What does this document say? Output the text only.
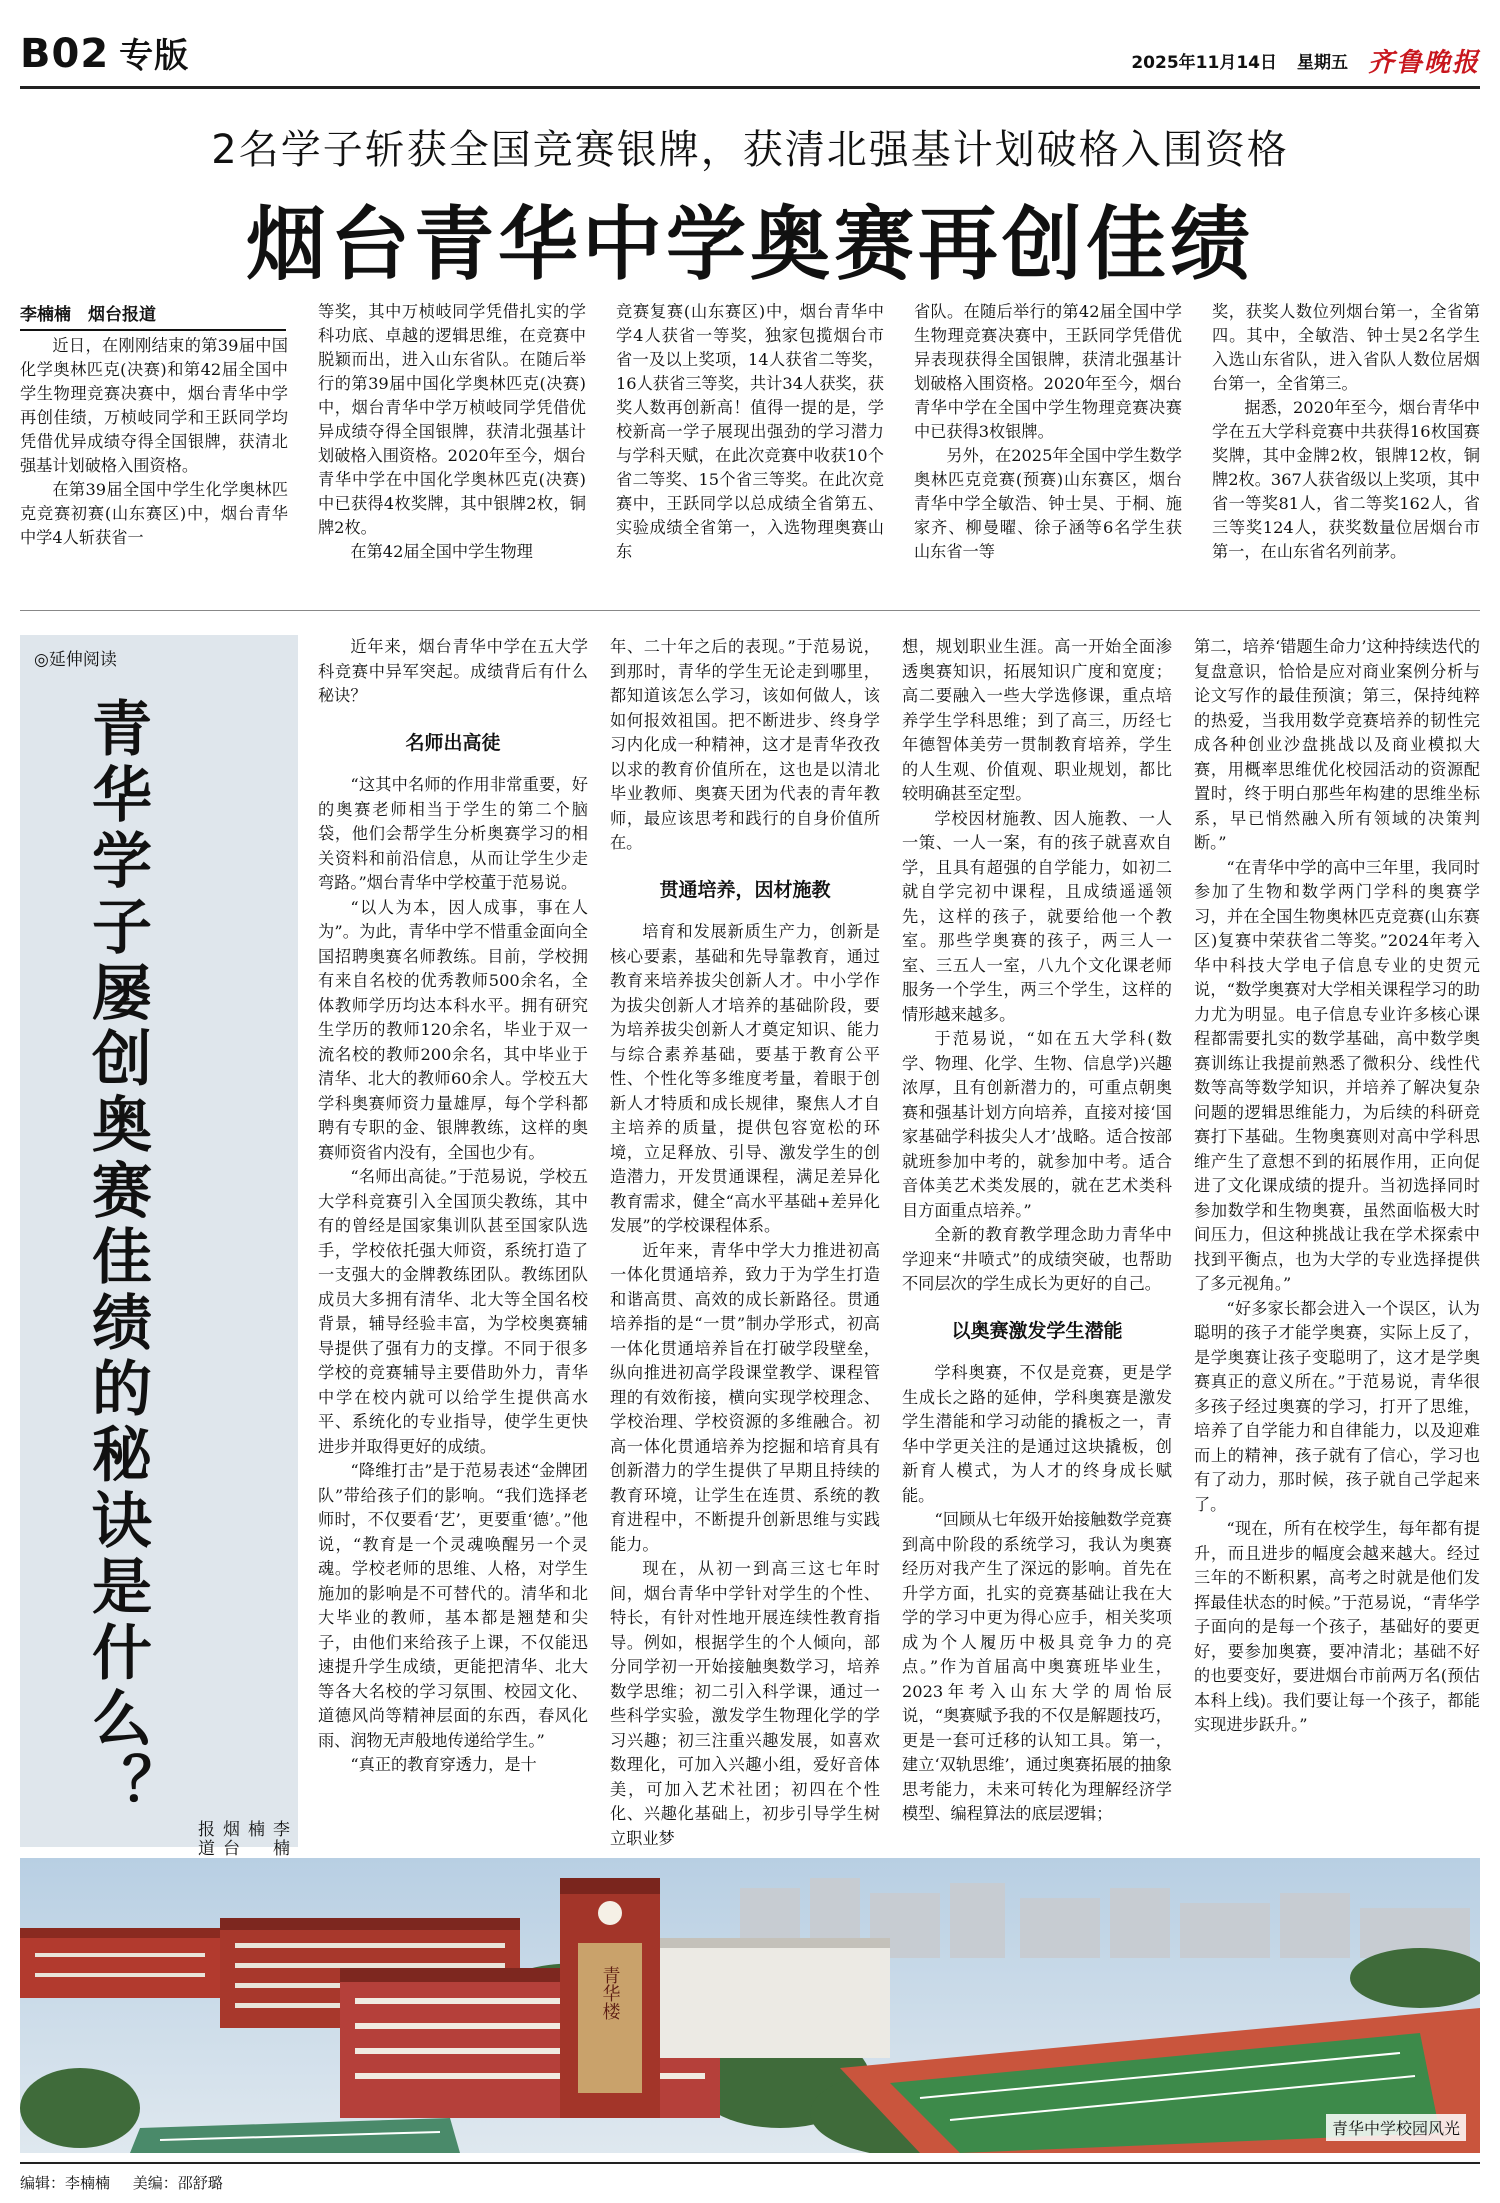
B02 专版	2025年11月14日 星期五 齐鲁晚报
2名学子斩获全国竞赛银牌，获清北强基计划破格入围资格
烟台青华中学奥赛再创佳绩
李楠楠　烟台报道

近日，在刚刚结束的第39届中国化学奥林匹克(决赛)和第42届全国中学生物理竞赛决赛中，烟台青华中学再创佳绩，万桢岐同学和王跃同学均凭借优异成绩夺得全国银牌，获清北强基计划破格入围资格。

在第39届全国中学生化学奥林匹克竞赛初赛(山东赛区)中，烟台青华中学4人斩获省一

等奖，其中万桢岐同学凭借扎实的学科功底、卓越的逻辑思维，在竞赛中脱颖而出，进入山东省队。在随后举行的第39届中国化学奥林匹克(决赛)中，烟台青华中学万桢岐同学凭借优异成绩夺得全国银牌，获清北强基计划破格入围资格。2020年至今，烟台青华中学在中国化学奥林匹克(决赛)中已获得4枚奖牌，其中银牌2枚，铜牌2枚。

在第42届全国中学生物理

竞赛复赛(山东赛区)中，烟台青华中学4人获省一等奖，独家包揽烟台市省一及以上奖项，14人获省二等奖，16人获省三等奖，共计34人获奖，获奖人数再创新高！值得一提的是，学校新高一学子展现出强劲的学习潜力与学科天赋，在此次竞赛中收获10个省二等奖、15个省三等奖。在此次竞赛中，王跃同学以总成绩全省第五、实验成绩全省第一，入选物理奥赛山东

省队。在随后举行的第42届全国中学生物理竞赛决赛中，王跃同学凭借优异表现获得全国银牌，获清北强基计划破格入围资格。2020年至今，烟台青华中学在全国中学生物理竞赛决赛中已获得3枚银牌。

另外，在2025年全国中学生数学奥林匹克竞赛(预赛)山东赛区，烟台青华中学全敏浩、钟士昊、于桐、施家齐、柳曼曜、徐子涵等6名学生获山东省一等

奖，获奖人数位列烟台第一，全省第四。其中，全敏浩、钟士昊2名学生入选山东省队，进入省队人数位居烟台第一，全省第三。

据悉，2020年至今，烟台青华中学在五大学科竞赛中共获得16枚国赛奖牌，其中金牌2枚，银牌12枚，铜牌2枚。367人获省级以上奖项，其中省一等奖81人，省二等奖162人，省三等奖124人，获奖数量位居烟台市第一，在山东省名列前茅。

◎延伸阅读
青华学子屡创奥赛佳绩的秘诀是什么？
李楠楠　烟台报道

近年来，烟台青华中学在五大学科竞赛中异军突起。成绩背后有什么秘诀？

名师出高徒

“这其中名师的作用非常重要，好的奥赛老师相当于学生的第二个脑袋，他们会帮学生分析奥赛学习的相关资料和前沿信息，从而让学生少走弯路。”烟台青华中学校董于范易说。

“以人为本，因人成事，事在人为”。为此，青华中学不惜重金面向全国招聘奥赛名师教练。目前，学校拥有来自名校的优秀教师500余名，全体教师学历均达本科水平。拥有研究生学历的教师120余名，毕业于双一流名校的教师200余名，其中毕业于清华、北大的教师60余人。学校五大学科奥赛师资力量雄厚，每个学科都聘有专职的金、银牌教练，这样的奥赛师资省内没有，全国也少有。

“名师出高徒。”于范易说，学校五大学科竞赛引入全国顶尖教练，其中有的曾经是国家集训队甚至国家队选手，学校依托强大师资，系统打造了一支强大的金牌教练团队。教练团队成员大多拥有清华、北大等全国名校背景，辅导经验丰富，为学校奥赛辅导提供了强有力的支撑。不同于很多学校的竞赛辅导主要借助外力，青华中学在校内就可以给学生提供高水平、系统化的专业指导，使学生更快进步并取得更好的成绩。

“降维打击”是于范易表述“金牌团队”带给孩子们的影响。“我们选择老师时，不仅要看‘艺’，更要重‘德’。”他说，“教育是一个灵魂唤醒另一个灵魂。学校老师的思维、人格，对学生施加的影响是不可替代的。清华和北大毕业的教师，基本都是翘楚和尖子，由他们来给孩子上课，不仅能迅速提升学生成绩，更能把清华、北大等各大名校的学习氛围、校园文化、道德风尚等精神层面的东西，春风化雨、润物无声般地传递给学生。”

“真正的教育穿透力，是十

年、二十年之后的表现。”于范易说，到那时，青华的学生无论走到哪里，都知道该怎么学习，该如何做人，该如何报效祖国。把不断进步、终身学习内化成一种精神，这才是青华孜孜以求的教育价值所在，这也是以清北毕业教师、奥赛天团为代表的青年教师，最应该思考和践行的自身价值所在。

贯通培养，因材施教

培育和发展新质生产力，创新是核心要素，基础和先导靠教育，通过教育来培养拔尖创新人才。中小学作为拔尖创新人才培养的基础阶段，要为培养拔尖创新人才奠定知识、能力与综合素养基础，要基于教育公平性、个性化等多维度考量，着眼于创新人才特质和成长规律，聚焦人才自主培养的质量，提供包容宽松的环境，立足释放、引导、激发学生的创造潜力，开发贯通课程，满足差异化教育需求，健全“高水平基础+差异化发展”的学校课程体系。

近年来，青华中学大力推进初高一体化贯通培养，致力于为学生打造和谐高贯、高效的成长新路径。贯通培养指的是“一贯”制办学形式，初高一体化贯通培养旨在打破学段壁垒，纵向推进初高学段课堂教学、课程管理的有效衔接，横向实现学校理念、学校治理、学校资源的多维融合。初高一体化贯通培养为挖掘和培育具有创新潜力的学生提供了早期且持续的教育环境，让学生在连贯、系统的教育进程中，不断提升创新思维与实践能力。

现在，从初一到高三这七年时间，烟台青华中学针对学生的个性、特长，有针对性地开展连续性教育指导。例如，根据学生的个人倾向，部分同学初一开始接触奥数学习，培养数学思维；初二引入科学课，通过一些科学实验，激发学生物理化学的学习兴趣；初三注重兴趣发展，如喜欢数理化，可加入兴趣小组，爱好音体美，可加入艺术社团；初四在个性化、兴趣化基础上，初步引导学生树立职业梦

想，规划职业生涯。高一开始全面渗透奥赛知识，拓展知识广度和宽度；高二要融入一些大学选修课，重点培养学生学科思维；到了高三，历经七年德智体美劳一贯制教育培养，学生的人生观、价值观、职业规划，都比较明确甚至定型。

学校因材施教、因人施教、一人一策、一人一案，有的孩子就喜欢自学，且具有超强的自学能力，如初二就自学完初中课程，且成绩遥遥领先，这样的孩子，就要给他一个教室。那些学奥赛的孩子，两三人一室、三五人一室，八九个文化课老师服务一个学生，两三个学生，这样的情形越来越多。

于范易说，“如在五大学科(数学、物理、化学、生物、信息学)兴趣浓厚，且有创新潜力的，可重点朝奥赛和强基计划方向培养，直接对接‘国家基础学科拔尖人才’战略。适合按部就班参加中考的，就参加中考。适合音体美艺术类发展的，就在艺术类科目方面重点培养。”

全新的教育教学理念助力青华中学迎来“井喷式”的成绩突破，也帮助不同层次的学生成长为更好的自己。

以奥赛激发学生潜能

学科奥赛，不仅是竞赛，更是学生成长之路的延伸，学科奥赛是激发学生潜能和学习动能的撬板之一，青华中学更关注的是通过这块撬板，创新育人模式，为人才的终身成长赋能。

“回顾从七年级开始接触数学竞赛到高中阶段的系统学习，我认为奥赛经历对我产生了深远的影响。首先在升学方面，扎实的竞赛基础让我在大学的学习中更为得心应手，相关奖项成为个人履历中极具竞争力的亮点。”作为首届高中奥赛班毕业生，2023年考入山东大学的周怡辰说，“奥赛赋予我的不仅是解题技巧，更是一套可迁移的认知工具。第一，建立‘双轨思维’，通过奥赛拓展的抽象思考能力，未来可转化为理解经济学模型、编程算法的底层逻辑；

第二，培养‘错题生命力’这种持续迭代的复盘意识，恰恰是应对商业案例分析与论文写作的最佳预演；第三，保持纯粹的热爱，当我用数学竞赛培养的韧性完成各种创业沙盘挑战以及商业模拟大赛，用概率思维优化校园活动的资源配置时，终于明白那些年构建的思维坐标系，早已悄然融入所有领域的决策判断。”

“在青华中学的高中三年里，我同时参加了生物和数学两门学科的奥赛学习，并在全国生物奥林匹克竞赛(山东赛区)复赛中荣获省二等奖。”2024年考入华中科技大学电子信息专业的史贺元说，“数学奥赛对大学相关课程学习的助力尤为明显。电子信息专业许多核心课程都需要扎实的数学基础，高中数学奥赛训练让我提前熟悉了微积分、线性代数等高等数学知识，并培养了解决复杂问题的逻辑思维能力，为后续的科研竞赛打下基础。生物奥赛则对高中学科思维产生了意想不到的拓展作用，正向促进了文化课成绩的提升。当初选择同时参加数学和生物奥赛，虽然面临极大时间压力，但这种挑战让我在学术探索中找到平衡点，也为大学的专业选择提供了多元视角。”

“好多家长都会进入一个误区，认为聪明的孩子才能学奥赛，实际上反了，是学奥赛让孩子变聪明了，这才是学奥赛真正的意义所在。”于范易说，青华很多孩子经过奥赛的学习，打开了思维，培养了自学能力和自律能力，以及迎难而上的精神，孩子就有了信心，学习也有了动力，那时候，孩子就自己学起来了。

“现在，所有在校学生，每年都有提升，而且进步的幅度会越来越大。经过三年的不断积累，高考之时就是他们发挥最佳状态的时候。”于范易说，“青华学子面向的是每一个孩子，基础好的要更好，要参加奥赛，要冲清北；基础不好的也要变好，要进烟台市前两万名(预估本科上线)。我们要让每一个孩子，都能实现进步跃升。”

青华楼
青华中学校园风光
编辑：李楠楠 美编：邵舒璐
